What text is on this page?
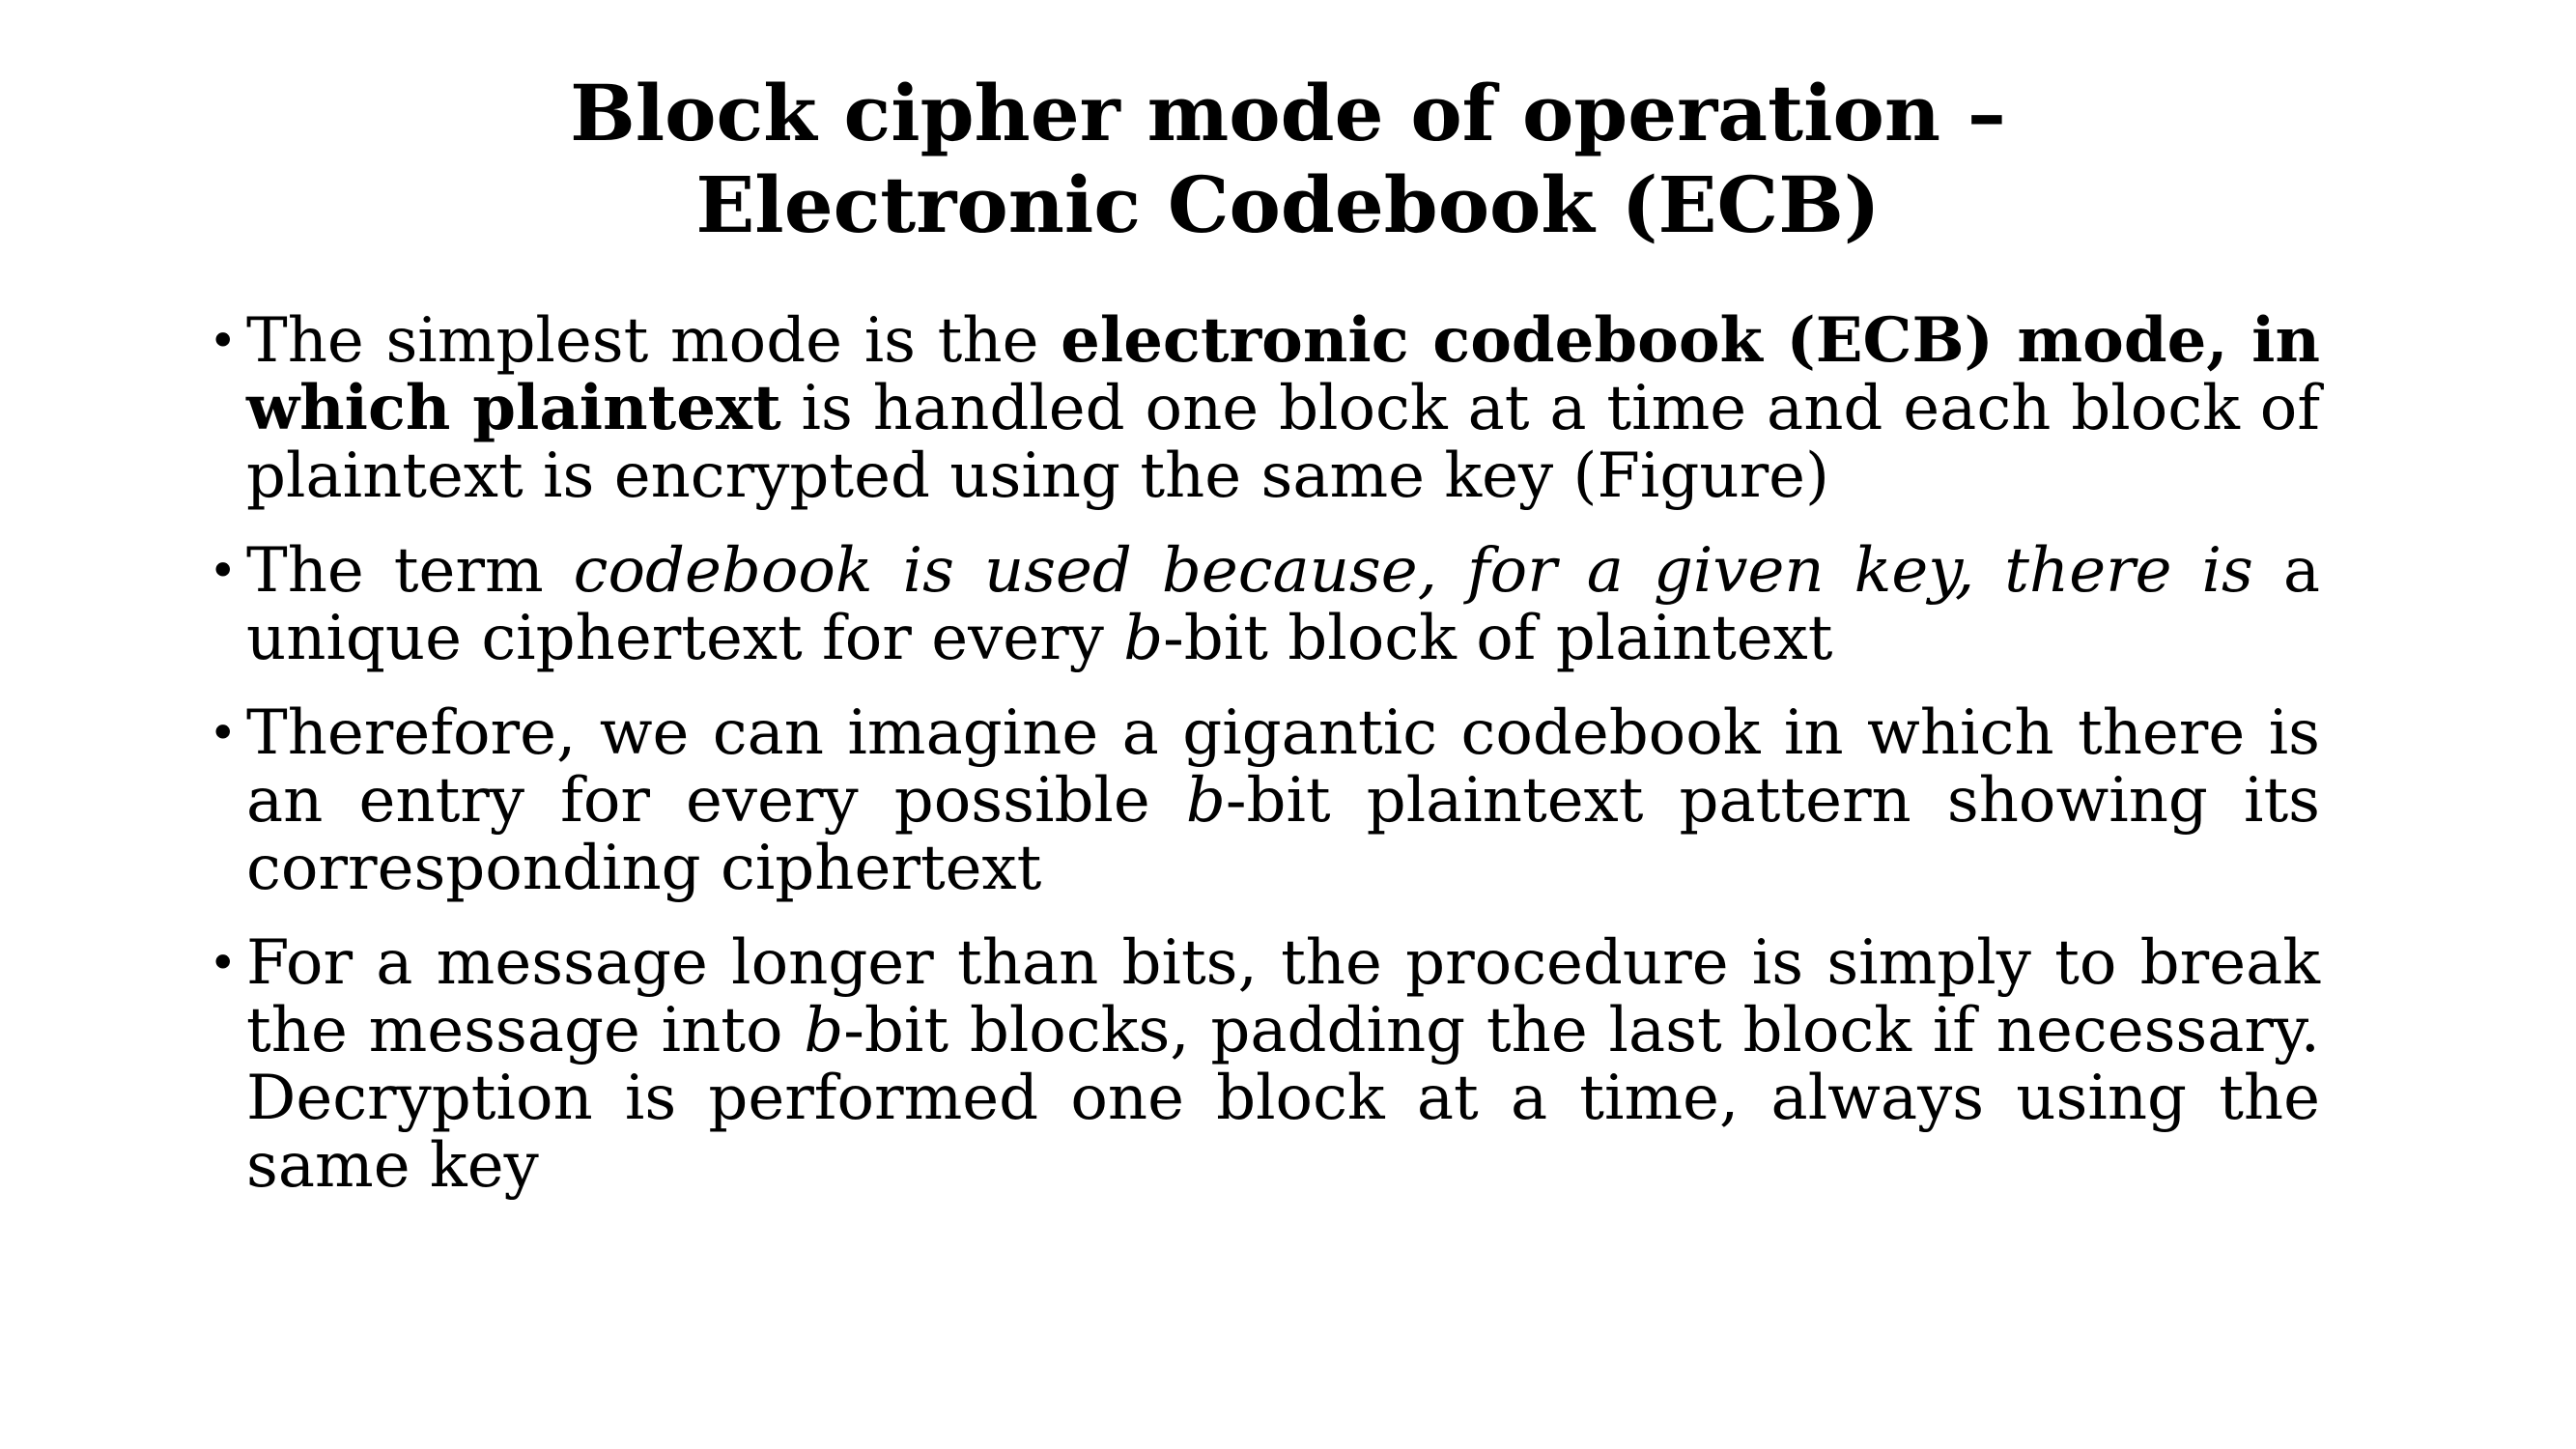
Block cipher mode of operation –
Electronic Codebook (ECB)
• The simplest mode is the electronic codebook (ECB) mode, in which plaintext is handled one block at a time and each block of plaintext is encrypted using the same key (Figure)
• The term codebook is used because, for a given key, there is a unique ciphertext for every b-bit block of plaintext
• Therefore, we can imagine a gigantic codebook in which there is an entry for every possible b-bit plaintext pattern showing its corresponding ciphertext
• For a message longer than bits, the procedure is simply to break the message into b-bit blocks, padding the last block if necessary. Decryption is performed one block at a time, always using the same key
